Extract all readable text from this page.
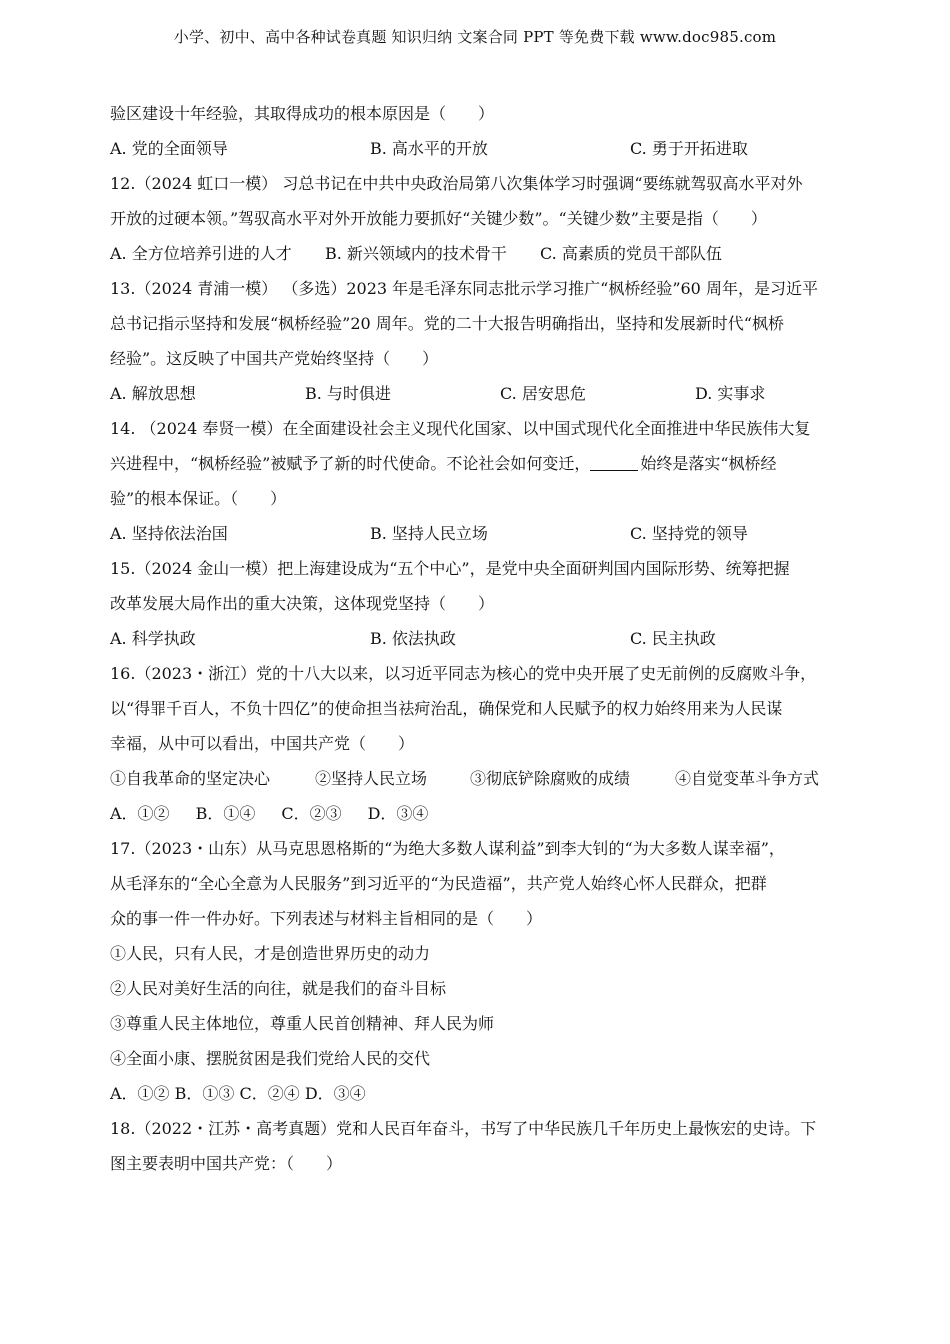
小学、初中、高中各种试卷真题 知识归纳 文案合同 PPT 等免费下载 www.doc985.com
验区建设十年经验，其取得成功的根本原因是（　　）
A. 党的全面领导	B. 高水平的开放	C. 勇于开拓进取
12.（2024 虹口一模） 习总书记在中共中央政治局第八次集体学习时强调“要练就驾驭高水平对外
开放的过硬本领。”驾驭高水平对外开放能力要抓好“关键少数”。“关键少数”主要是指（　　）
A. 全方位培养引进的人才	B. 新兴领域内的技术骨干	C. 高素质的党员干部队伍
13.（2024 青浦一模） （多选）2023 年是毛泽东同志批示学习推广“枫桥经验”60 周年，是习近平
总书记指示坚持和发展“枫桥经验”20 周年。党的二十大报告明确指出，坚持和发展新时代“枫桥
经验”。这反映了中国共产党始终坚持（　　）
A. 解放思想	B. 与时俱进	C. 居安思危	D. 实事求
14. （2024 奉贤一模）在全面建设社会主义现代化国家、以中国式现代化全面推进中华民族伟大复
兴进程中，“枫桥经验”被赋予了新的时代使命。不论社会如何变迁，	始终是落实“枫桥经
验”的根本保证。（　　）
A. 坚持依法治国	B. 坚持人民立场	C. 坚持党的领导
15.（2024 金山一模）把上海建设成为“五个中心”，是党中央全面研判国内国际形势、统筹把握
改革发展大局作出的重大决策，这体现党坚持（　　）
A. 科学执政	B. 依法执政	C. 民主执政
16.（2023・浙江）党的十八大以来，以习近平同志为核心的党中央开展了史无前例的反腐败斗争，
以“得罪千百人，不负十四亿”的使命担当祛疴治乱，确保党和人民赋予的权力始终用来为人民谋
幸福，从中可以看出，中国共产党（　　）
①自我革命的坚定决心	②坚持人民立场	③彻底铲除腐败的成绩	④自觉变革斗争方式
A．①② B．①④ C．②③ D．③④
17.（2023・山东）从马克思恩格斯的“为绝大多数人谋利益”到李大钊的“为大多数人谋幸福”，
从毛泽东的“全心全意为人民服务”到习近平的“为民造福”，共产党人始终心怀人民群众，把群
众的事一件一件办好。下列表述与材料主旨相同的是（　　）
①人民，只有人民，才是创造世界历史的动力
②人民对美好生活的向往，就是我们的奋斗目标
③尊重人民主体地位，尊重人民首创精神、拜人民为师
④全面小康、摆脱贫困是我们党给人民的交代
A．①② B．①③ C．②④ D．③④
18.（2022・江苏・高考真题）党和人民百年奋斗，书写了中华民族几千年历史上最恢宏的史诗。下
图主要表明中国共产党：（　　）
